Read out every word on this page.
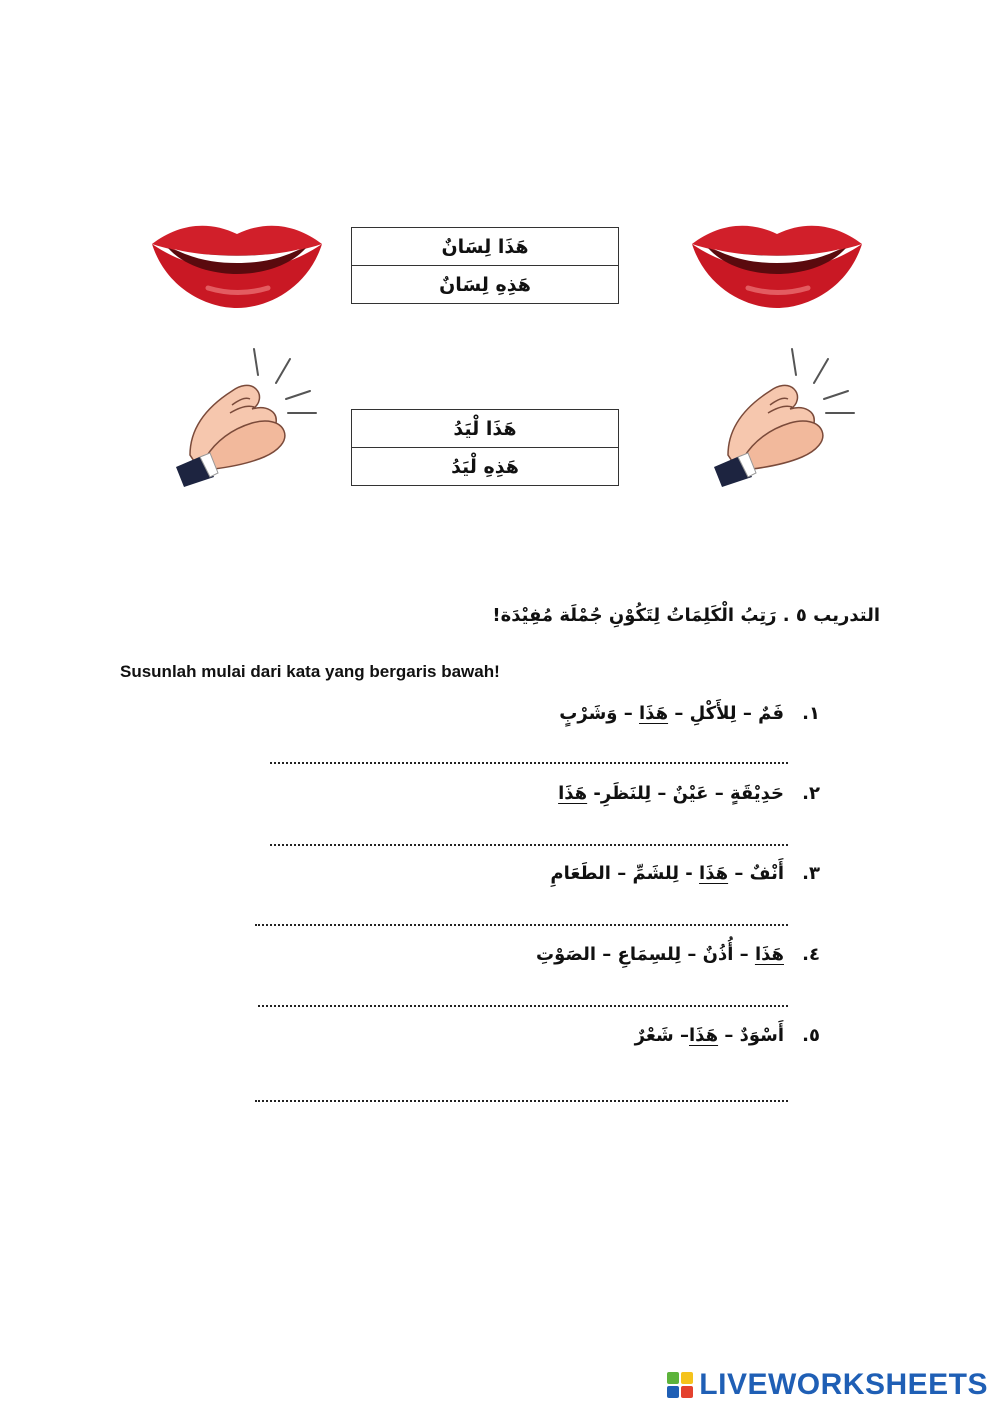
هَذَا لِسَانٌ
هَذِهِ لِسَانٌ
هَذَا لْيَدُ
هَذِهِ لْيَدُ
التدريب ٥ . رَتِبُ الْكَلِمَاتُ لِتَكُوْنِ جُمْلَة مُفِيْدَة!
Susunlah mulai dari kata yang bergaris bawah!
١.فَمٌ – لِلأَكْلِ – هَذَا – وَشَرْبٍ
٢.حَدِيْقَةٍ – عَيْنٌ – لِلنَظَرِ- هَذَا
٣.أَنْفٌ – هَذَا - لِلشَمِّ – الطَعَامِ
٤.هَذَا – أُذُنٌ – لِلسِمَاعِ – الصَوْتِ
٥.أَسْوَدٌ – هَذَا– شَعْرٌ
LIVEWORKSHEETS
